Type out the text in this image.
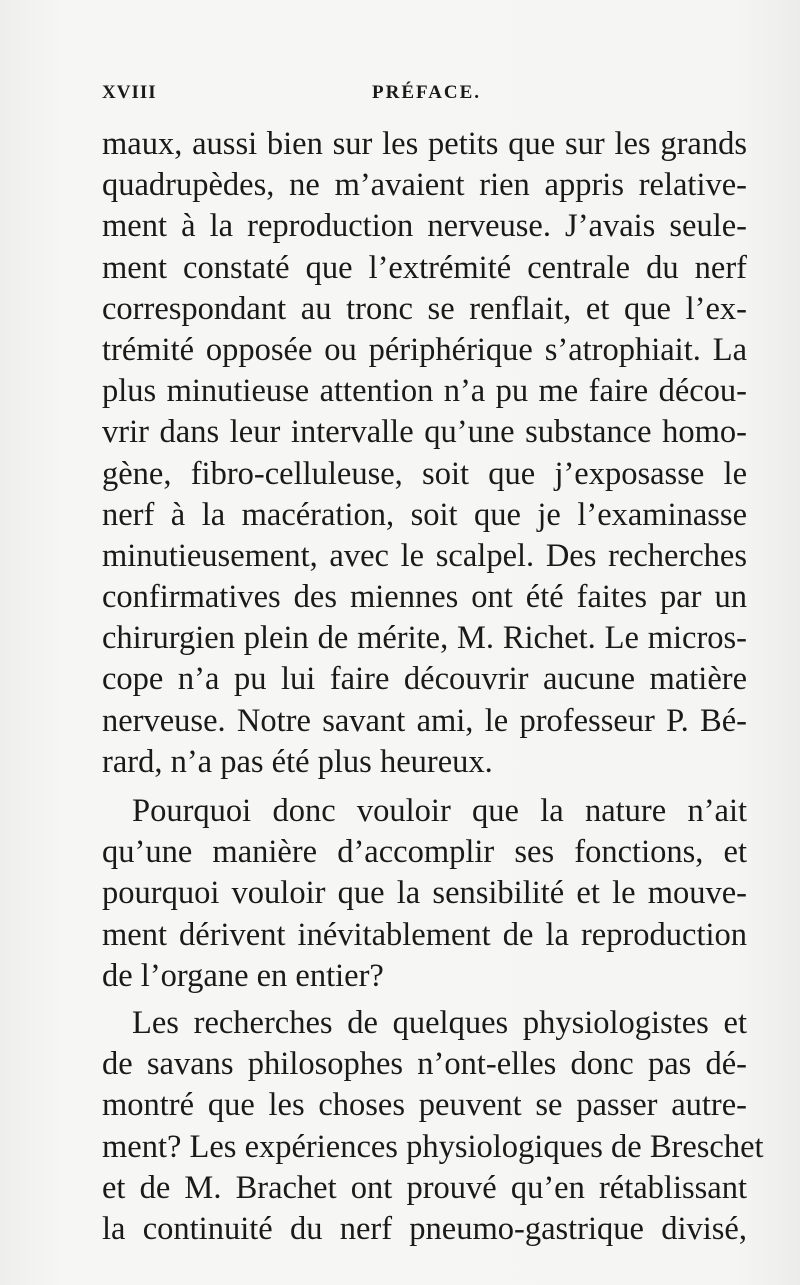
XVIII	PRÉFACE.
maux, aussi bien sur les petits que sur les grands
quadrupèdes, ne m’avaient rien appris relative-
ment à la reproduction nerveuse. J’avais seule-
ment constaté que l’extrémité centrale du nerf
correspondant au tronc se renflait, et que l’ex-
trémité opposée ou périphérique s’atrophiait. La
plus minutieuse attention n’a pu me faire décou-
vrir dans leur intervalle qu’une substance homo-
gène, fibro-celluleuse, soit que j’exposasse le
nerf à la macération, soit que je l’examinasse
minutieusement, avec le scalpel. Des recherches
confirmatives des miennes ont été faites par un
chirurgien plein de mérite, M. Richet. Le micros-
cope n’a pu lui faire découvrir aucune matière
nerveuse. Notre savant ami, le professeur P. Bé-
rard, n’a pas été plus heureux.
Pourquoi donc vouloir que la nature n’ait
qu’une manière d’accomplir ses fonctions, et
pourquoi vouloir que la sensibilité et le mouve-
ment dérivent inévitablement de la reproduction
de l’organe en entier?
Les recherches de quelques physiologistes et
de savans philosophes n’ont-elles donc pas dé-
montré que les choses peuvent se passer autre-
ment? Les expériences physiologiques de Breschet
et de M. Brachet ont prouvé qu’en rétablissant
la continuité du nerf pneumo-gastrique divisé,
